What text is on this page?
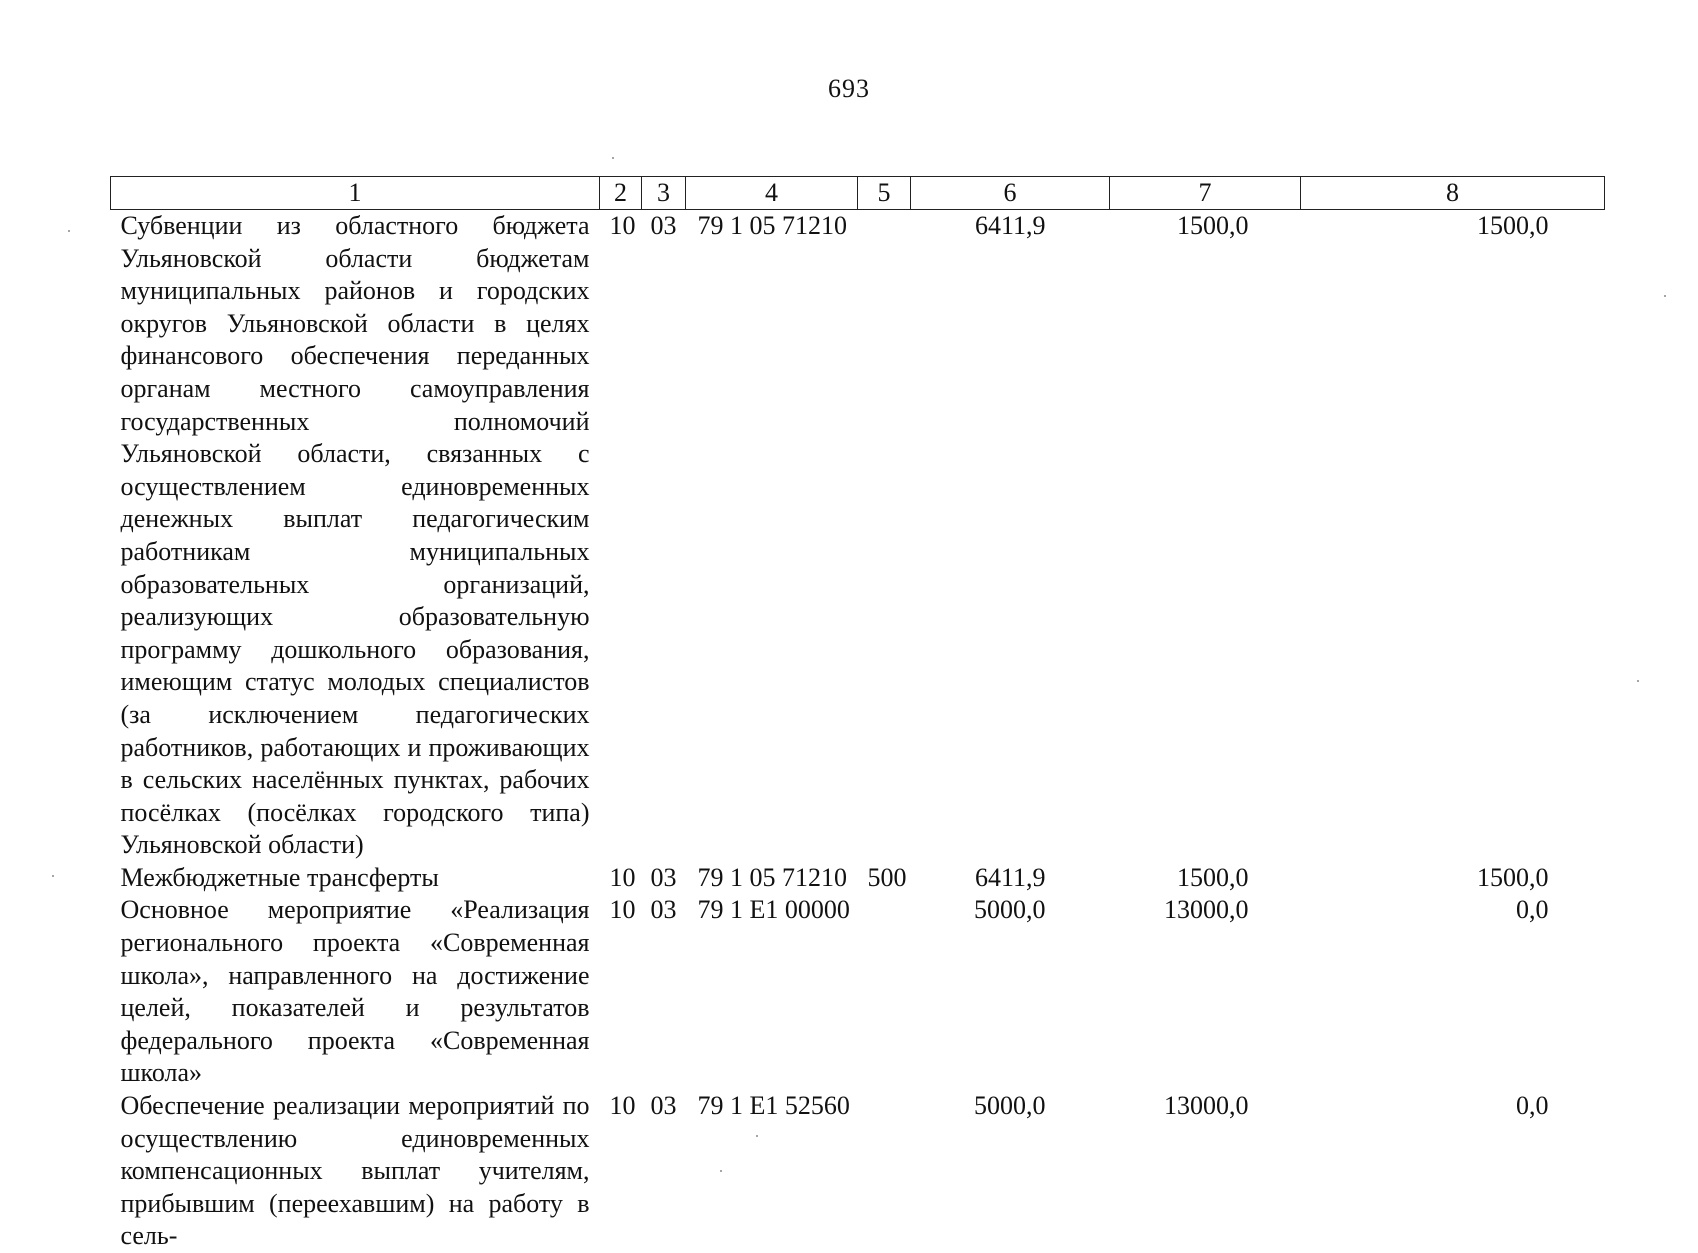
693
1	2	3	4	5	6	7	8
Субвенции из областного бюджета Ульяновской области бюджетам муниципальных районов и городских округов Ульяновской области в целях финансового обеспечения переданных органам местного самоуправления государственных полномочий Ульяновской области, связанных с осуществлением единовременных денежных выплат педагогическим работникам муниципальных образовательных организаций, реализующих образовательную программу дошкольного образования, имеющим статус молодых специалистов (за исключением педагогических работников, работающих и проживающих в сельских населённых пунктах, рабочих посёлках (посёлках городского типа) Ульяновской области)	10	03	79 1 05 71210		6411,9	1500,0	1500,0
Межбюджетные трансферты	10	03	79 1 05 71210	500	6411,9	1500,0	1500,0
Основное мероприятие «Реализация регионального проекта «Современная школа», направленного на достижение целей, показателей и результатов федерального проекта «Современная школа»	10	03	79 1 E1 00000		5000,0	13000,0	0,0
Обеспечение реализации мероприятий по осуществлению единовременных компенсационных выплат учителям, прибывшим (переехавшим) на работу в сель-	10	03	79 1 E1 52560		5000,0	13000,0	0,0
